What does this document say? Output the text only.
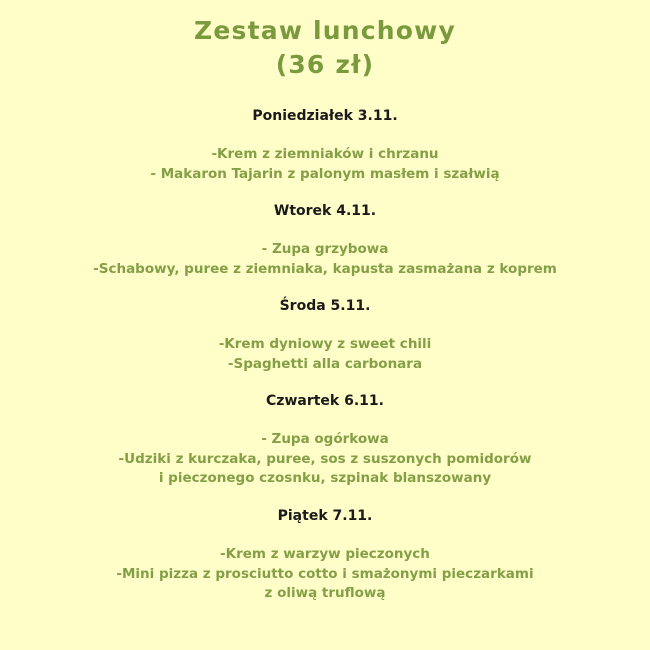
Zestaw lunchowy
(36 zł)
Poniedziałek 3.11.
-Krem z ziemniaków i chrzanu
- Makaron Tajarin z palonym masłem i szałwią
Wtorek 4.11.
- Zupa grzybowa
-Schabowy, puree z ziemniaka, kapusta zasmażana z koprem
Środa 5.11.
-Krem dyniowy z sweet chili
-Spaghetti alla carbonara
Czwartek 6.11.
- Zupa ogórkowa
-Udziki z kurczaka, puree, sos z suszonych pomidorów
i pieczonego czosnku, szpinak blanszowany
Piątek 7.11.
-Krem z warzyw pieczonych
-Mini pizza z prosciutto cotto i smażonymi pieczarkami
z oliwą truflową
